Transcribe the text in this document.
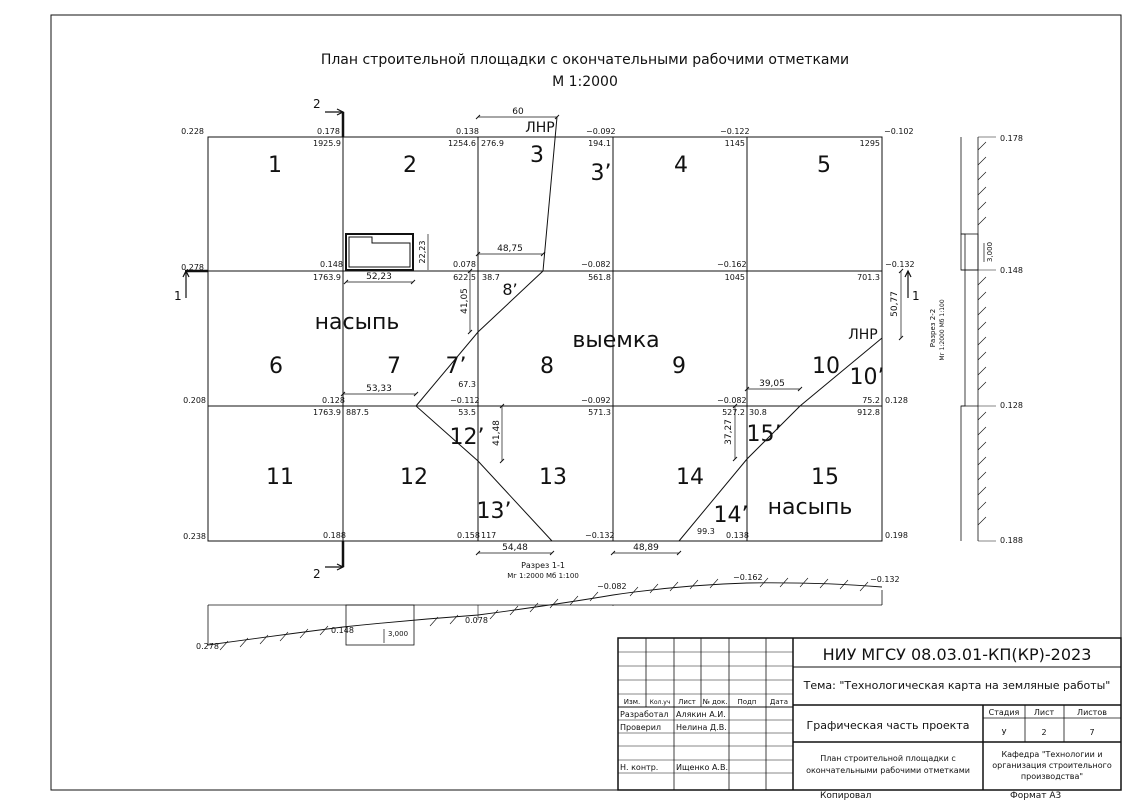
План строительной площадки с окончательными рабочими отметками
М 1:2000
1	1
2
2
1	2	3	4	5
6	7	8	9	10
11	12	13	14	15
3’
7’
8’
10’
12’
13’	14’
15’
насыпь
выемка
насыпь
ЛНР
ЛНР
0.228	0.178	0.138	−0.092	−0.122	−0.102
0.278	0.148	0.078	−0.082	−0.162	−0.132
0.208	0.128	−0.112	−0.092	−0.082	0.128
0.238	0.188	0.158	−0.132	0.138	0.198
1925.9	1254.6 276.9	194.1	1145	1295
1763.9	622.5 38.7	561.8	1045	701.3
1763.9 887.5	53.5	571.3	527.2 30.8
75.2
912.8
67.3
117	99.3
60
48,75
41,05
52,23
22,23
53,33
41,48
54,48	48,89
37,27
39,05
50,77
3,000
0.178
0.148
0.128
0.188
Разрез 2-2 Мг 1:2000 Мб 1:100
Разрез 1-1
Мг 1:2000 Мб 1:100
0.278
0.148
0.078
−0.082
−0.162	−0.132
3,000
НИУ МГСУ 08.03.01-КП(КР)-2023
Тема: "Технологическая карта на земляные работы"
Изм. Кол.уч Лист № док. Подп Дата
Разработал Алякин А.И.
Проверил Нелина Д.В.
Н. контр. Ищенко А.В.
Графическая часть проекта
Стадия Лист	Листов
У	2	7
План строительной площадки с
окончательными рабочими отметками
Кафедра "Технологии и
организация строительного
производства"
Копировал	Формат А3
